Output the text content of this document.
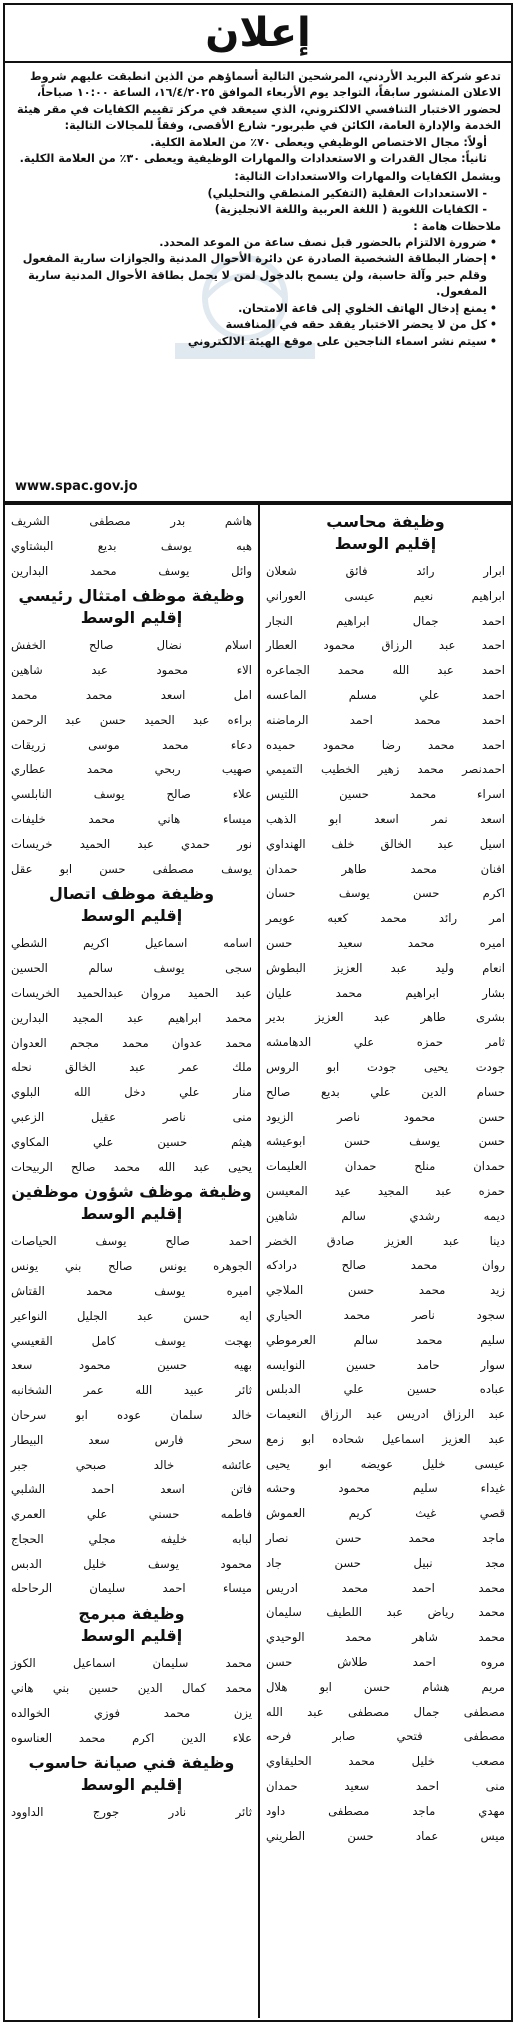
إعلان

تدعو شركة البريد الأردني، المرشحين التالية أسماؤهم من الذين انطبقت عليهم شروط الاعلان المنشور سابقاً، التواجد يوم الأربعاء الموافق ١٦/٤/٢٠٢٥، الساعة ١٠:٠٠ صباحاً، لحضور الاختبار التنافسي الالكتروني، الذي سيعقد في مركز تقييم الكفايات في مقر هيئة الخدمة والإدارة العامة، الكائن في طبربور- شارع الأقصى، وفقاً للمجالات التالية:

أولاً: مجال الاختصاص الوظيفي ويعطى ٧٠٪ من العلامة الكلية.
ثانياً: مجال القدرات و الاستعدادات والمهارات الوظيفية ويعطى ٣٠٪ من العلامة الكلية.

ويشمل الكفايات والمهارات والاستعدادات التالية:

- الاستعدادات العقلية (التفكير المنطقي والتحليلي)
- الكفايات اللغوية ( اللغة العربية واللغة الانجليزية)

ملاحظات هامة :

• ضرورة الالتزام بالحضور قبل نصف ساعة من الموعد المحدد.
• إحضار البطاقة الشخصية الصادرة عن دائرة الأحوال المدنية والجوازات سارية المفعول وقلم حبر وآلة حاسبة، ولن يسمح بالدخول لمن لا يحمل بطاقة الأحوال المدنية سارية المفعول.
• يمنع إدخال الهاتف الخلوي إلى قاعة الامتحان.
• كل من لا يحضر الاختبار يفقد حقه في المنافسة
• سيتم نشر اسماء الناجحين على موقع الهيئة الالكتروني
www.spac.gov.jo
وظيفة محاسب
إقليم الوسط
ابرار رائد فائق شعلان
ابراهيم نعيم عيسى العوراني
احمد جمال ابراهيم النجار
احمد عبد الرزاق محمود العطار
احمد عبد الله محمد الجماعره
احمد علي مسلم الماعسه
احمد محمد احمد الرماضنه
احمد محمد رضا محمود حميده
احمدنصر محمد زهير الخطيب التميمي
اسراء محمد حسين اللتيس
اسعد نمر اسعد ابو الذهب
اسيل عبد الخالق خلف الهنداوي
افنان محمد طاهر حمدان
اكرم حسن يوسف حسان
امر رائد محمد كعبه عويمر
اميره محمد سعيد حسن
انعام وليد عبد العزيز البطوش
بشار ابراهيم محمد عليان
بشرى طاهر عبد العزيز بدير
ثامر حمزه علي الدهامشه
جودت يحيى جودت ابو الروس
حسام الدين علي بديع صالح
حسن محمود ناصر الزيود
حسن يوسف حسن ابوعيشه
حمدان منلح حمدان العليمات
حمزه عبد المجيد عيد المعيسن
ديمه رشدي سالم شاهين
دينا عبد العزيز صادق الخضر
روان محمد صالح درادكه
زيد محمد حسن الملاجي
سجود ناصر محمد الحياري
سليم محمد سالم العرموطي
سوار حامد حسين النوايسه
عباده حسين علي الدبلس
عبد الرزاق ادريس عبد الرزاق النعيمات
عبد العزيز اسماعيل شحاده ابو زمع
عيسى خليل عويضه ابو يحيى
غيداء سليم محمود وحشه
قصي غيث كريم العموش
ماجد محمد حسن نصار
مجد نبيل حسن جاد
محمد احمد محمد ادريس
محمد رياض عبد اللطيف سليمان
محمد شاهر محمد الوحيدي
مروه احمد طلاش حسن
مريم هشام حسن ابو هلال
مصطفى جمال مصطفى عبد الله
مصطفى فتحي صابر فرحه
مصعب خليل محمد الحليقاوي
منى احمد سعيد حمدان
مهدي ماجد مصطفى داود
ميس عماد حسن الطريني
هاشم بدر مصطفى الشريف
هبه يوسف بديع البشتاوي
وائل يوسف محمد البدارين
وظيفة موظف امتثال رئيسي
إقليم الوسط
اسلام نضال صالح الخفش
الاء محمود عبد شاهين
امل اسعد محمد محمد
براءه عبد الحميد حسن عبد الرحمن
دعاء محمد موسى زريقات
صهيب ربحي محمد عطاري
علاء صالح يوسف النابلسي
ميساء هاني محمد خليفات
نور حمدي عبد الحميد خريسات
يوسف مصطفى حسن ابو عقل
وظيفة موظف اتصال
إقليم الوسط
اسامه اسماعيل اكريم الشطي
سجى يوسف سالم الحسين
عبد الحميد مروان عبدالحميد الخريسات
محمد ابراهيم عبد المجيد البدارين
محمد عدوان محمد مجحم العدوان
ملك عمر عبد الخالق نحله
منار علي دخل الله البلوي
منى ناصر عقيل الزعبي
هيثم حسين علي المكاوي
يحيى عبد الله محمد صالح الربيحات
وظيفة موظف شؤون موظفين
إقليم الوسط
احمد صالح يوسف الحياصات
الجوهره يونس صالح بني يونس
اميره يوسف محمد القتاش
ايه حسن عبد الجليل النواعير
بهجت يوسف كامل القعيسي
بهيه حسين محمود سعد
ثائر عبيد الله عمر الشخانبه
خالد سلمان عوده ابو سرحان
سحر فارس سعد البيطار
عائشه خالد صبحي جبر
فاتن اسعد احمد الشلبي
فاطمه حسني علي العمري
لبابه خليفه مجلي الحجاج
محمود يوسف خليل الدبس
ميساء احمد سليمان الرحاحله
وظيفة مبرمج
إقليم الوسط
محمد سليمان اسماعيل الكوز
محمد كمال الدين حسين بني هاني
يزن محمد فوزي الخوالده
علاء الدين اكرم محمد العناسوه
وظيفة فني صيانة حاسوب
إقليم الوسط
ثائر نادر جورج الداوود
